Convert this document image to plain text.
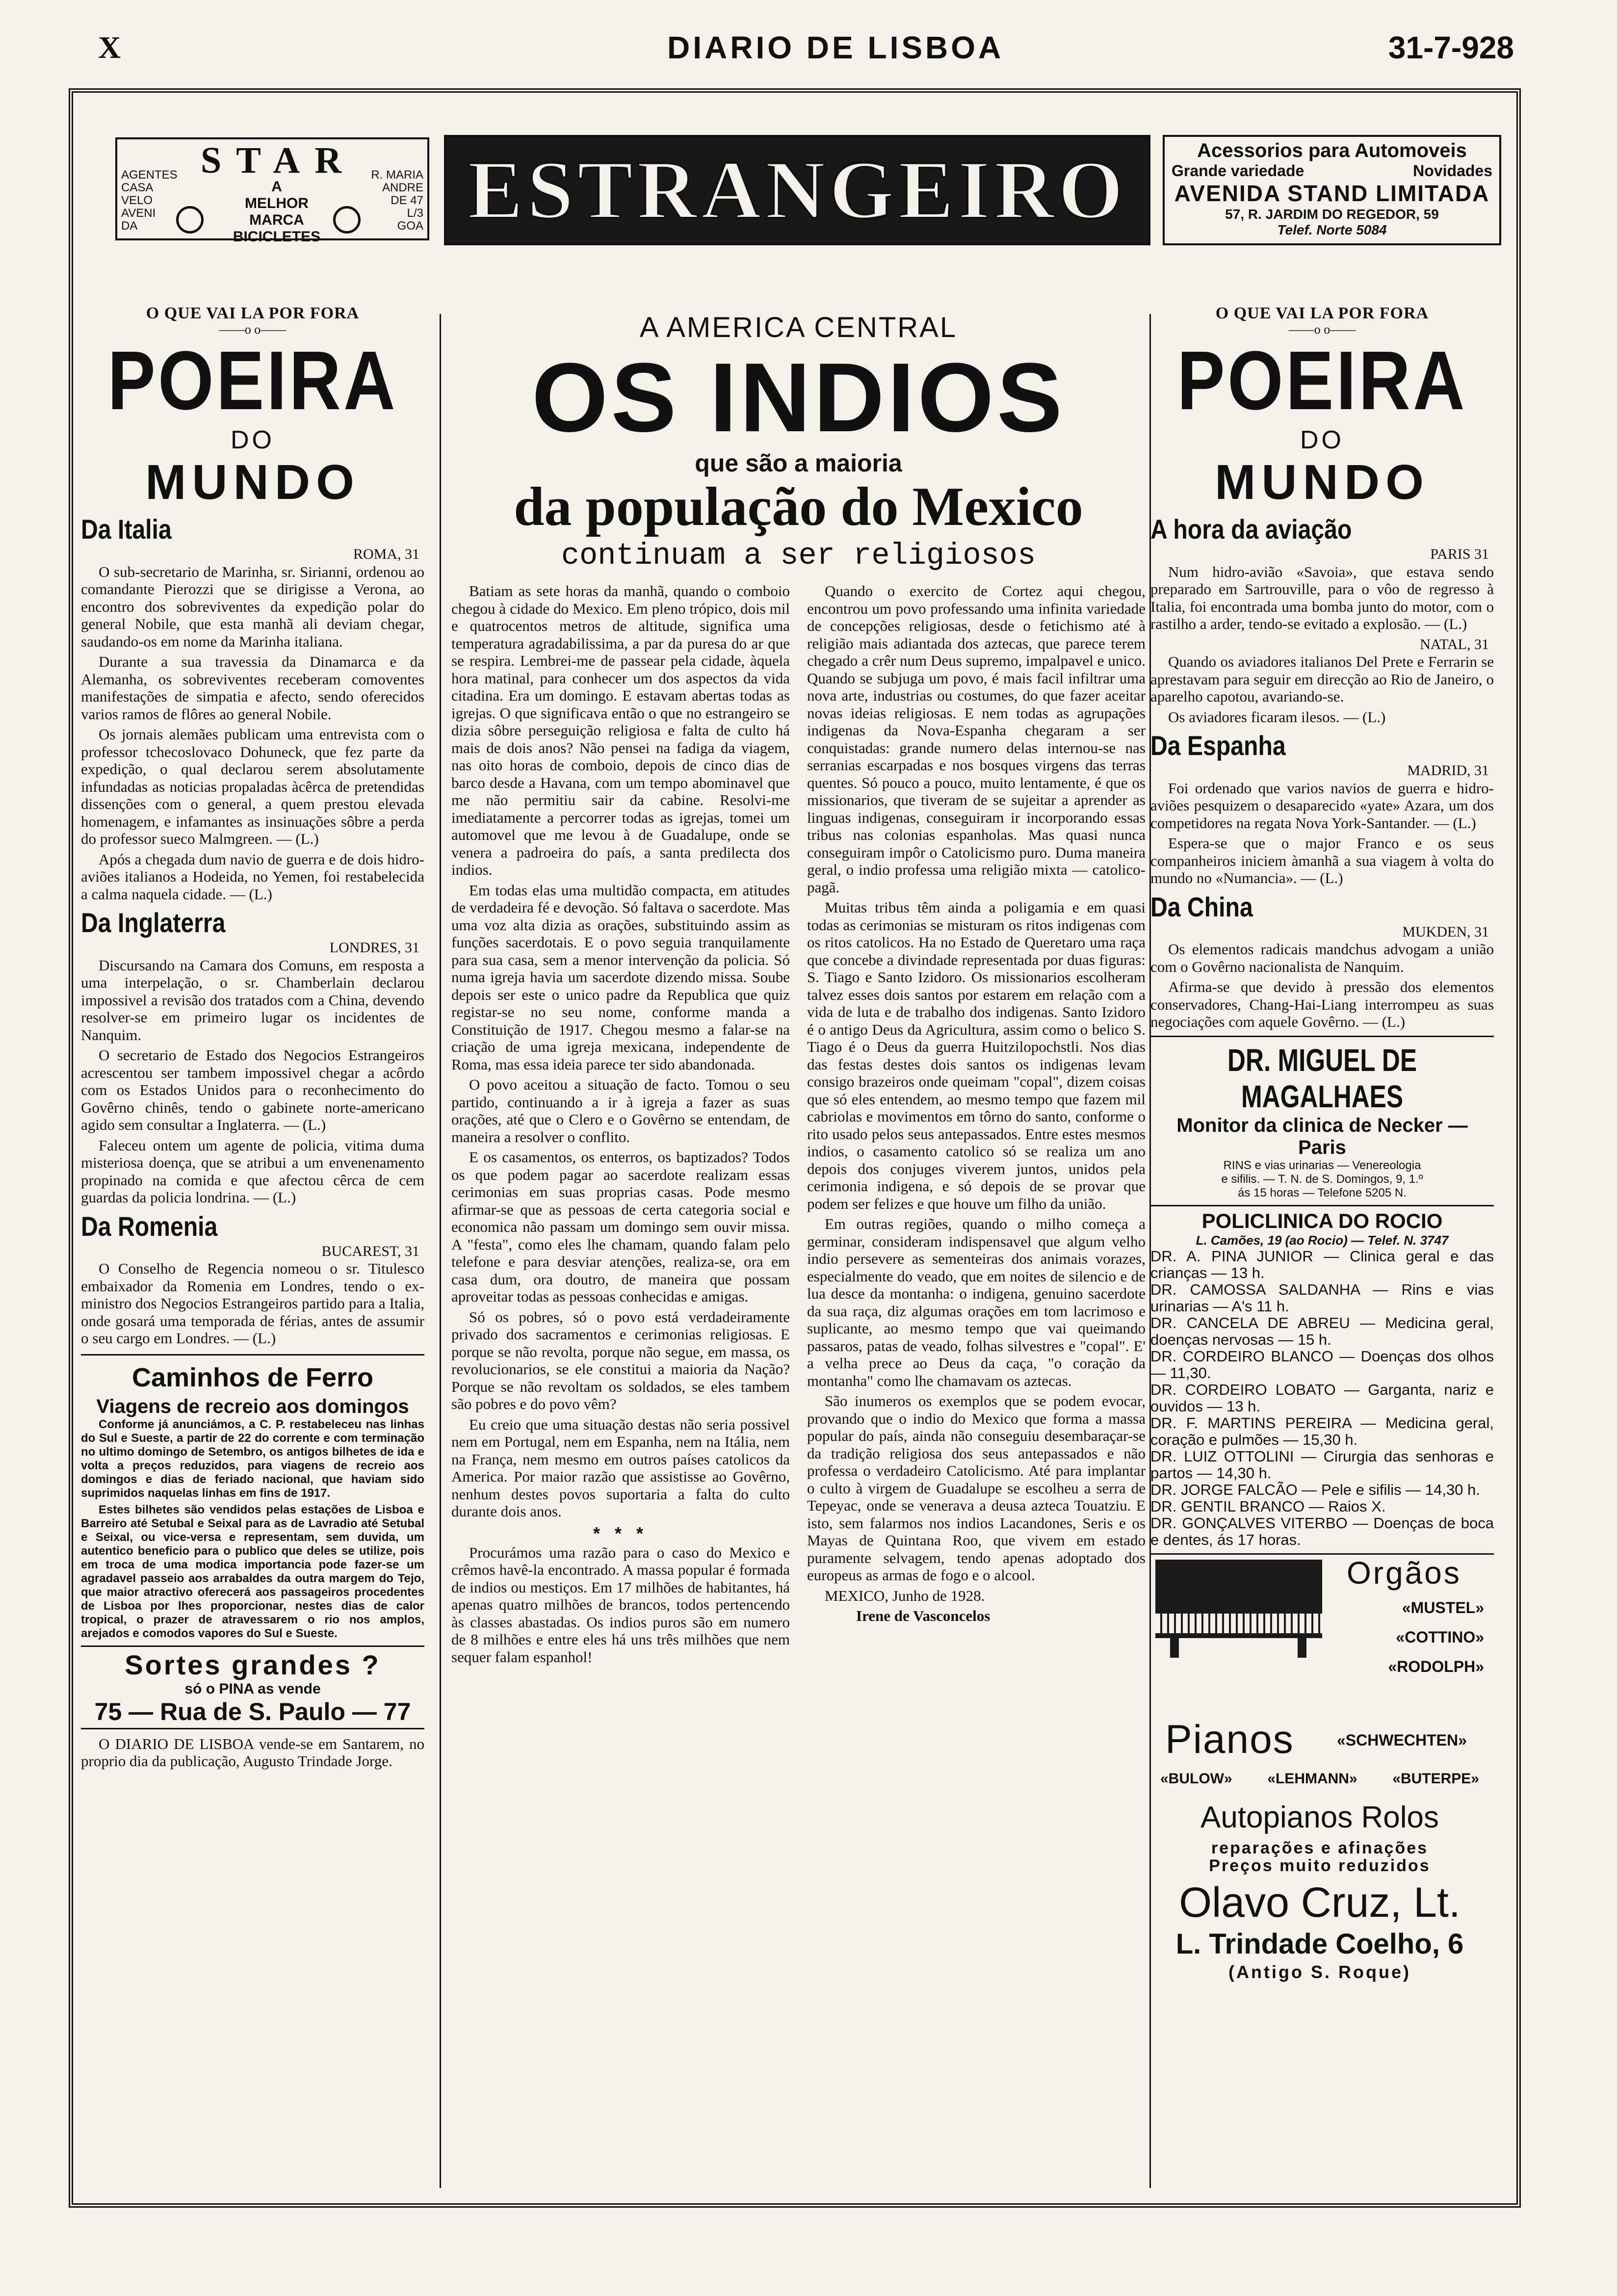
X	DIARIO DE LISBOA	31-7-928
STAR
AGENTES
CASA
VELO
AVENI
DA
A
MELHOR
MARCA
BICICLETES
R. MARIA
ANDRE
DE 47
L/3
GOA ESTRANGEIRO	Acessorios para Automoveis
Grande variedade	Novidades
AVENIDA STAND LIMITADA
57, R. JARDIM DO REGEDOR, 59
Telef. Norte 5084
O QUE VAI LA POR FORA
——o o——
POEIRA
DO
MUNDO
Da Italia
ROMA, 31

O sub-secretario de Marinha, sr. Sirianni, ordenou ao comandante Pierozzi que se dirigisse a Verona, ao encontro dos sobreviventes da expedição polar do general Nobile, que esta manhã ali deviam chegar, saudando-os em nome da Marinha italiana.

Durante a sua travessia da Dinamarca e da Alemanha, os sobreviventes receberam comoventes manifestações de simpatia e afecto, sendo oferecidos varios ramos de flôres ao general Nobile.

Os jornais alemães publicam uma entrevista com o professor tchecoslovaco Dohuneck, que fez parte da expedição, o qual declarou serem absolutamente infundadas as noticias propaladas àcêrca de pretendidas dissenções com o general, a quem prestou elevada homenagem, e infamantes as insinuações sôbre a perda do professor sueco Malmgreen. — (L.)

Após a chegada dum navio de guerra e de dois hidro-aviões italianos a Hodeida, no Yemen, foi restabelecida a calma naquela cidade. — (L.)

Da Inglaterra
LONDRES, 31

Discursando na Camara dos Comuns, em resposta a uma interpelação, o sr. Chamberlain declarou impossivel a revisão dos tratados com a China, devendo resolver-se em primeiro lugar os incidentes de Nanquim.

O secretario de Estado dos Negocios Estrangeiros acrescentou ser tambem impossivel chegar a acôrdo com os Estados Unidos para o reconhecimento do Govêrno chinês, tendo o gabinete norte-americano agido sem consultar a Inglaterra. — (L.)

Faleceu ontem um agente de policia, vitima duma misteriosa doença, que se atribui a um envenenamento propinado na comida e que afectou cêrca de cem guardas da policia londrina. — (L.)

Da Romenia
BUCAREST, 31

O Conselho de Regencia nomeou o sr. Titulesco embaixador da Romenia em Londres, tendo o ex-ministro dos Negocios Estrangeiros partido para a Italia, onde gosará uma temporada de férias, antes de assumir o seu cargo em Londres. — (L.)

Caminhos de Ferro
Viagens de recreio aos domingos

Conforme já anunciámos, a C. P. restabeleceu nas linhas do Sul e Sueste, a partir de 22 do corrente e com terminação no ultimo domingo de Setembro, os antigos bilhetes de ida e volta a preços reduzidos, para viagens de recreio aos domingos e dias de feriado nacional, que haviam sido suprimidos naquelas linhas em fins de 1917.

Estes bilhetes são vendidos pelas estações de Lisboa e Barreiro até Setubal e Seixal para as de Lavradio até Setubal e Seixal, ou vice-versa e representam, sem duvida, um autentico beneficio para o publico que deles se utilize, pois em troca de uma modica importancia pode fazer-se um agradavel passeio aos arrabaldes da outra margem do Tejo, que maior atractivo oferecerá aos passageiros procedentes de Lisboa por lhes proporcionar, nestes dias de calor tropical, o prazer de atravessarem o rio nos amplos, arejados e comodos vapores do Sul e Sueste.

Sortes grandes ?
só o PINA as vende
75 — Rua de S. Paulo — 77

O DIARIO DE LISBOA vende-se em Santarem, no proprio dia da publicação, Augusto Trindade Jorge.

A AMERICA CENTRAL
OS INDIOS
que são a maioria
da população do Mexico
continuam a ser religiosos

Batiam as sete horas da manhã, quando o comboio chegou à cidade do Mexico. Em pleno trópico, dois mil e quatrocentos metros de altitude, significa uma temperatura agradabilissima, a par da puresa do ar que se respira. Lembrei-me de passear pela cidade, àquela hora matinal, para conhecer um dos aspectos da vida citadina. Era um domingo. E estavam abertas todas as igrejas. O que significava então o que no estrangeiro se dizia sôbre perseguição religiosa e falta de culto há mais de dois anos? Não pensei na fadiga da viagem, nas oito horas de comboio, depois de cinco dias de barco desde a Havana, com um tempo abominavel que me não permitiu sair da cabine. Resolvi-me imediatamente a percorrer todas as igrejas, tomei um automovel que me levou à de Guadalupe, onde se venera a padroeira do país, a santa predilecta dos indios.

Em todas elas uma multidão compacta, em atitudes de verdadeira fé e devoção. Só faltava o sacerdote. Mas uma voz alta dizia as orações, substituindo assim as funções sacerdotais. E o povo seguia tranquilamente para sua casa, sem a menor intervenção da policia. Só numa igreja havia um sacerdote dizendo missa. Soube depois ser este o unico padre da Republica que quiz registar-se no seu nome, conforme manda a Constituição de 1917. Chegou mesmo a falar-se na criação de uma igreja mexicana, independente de Roma, mas essa ideia parece ter sido abandonada.

O povo aceitou a situação de facto. Tomou o seu partido, continuando a ir à igreja a fazer as suas orações, até que o Clero e o Govêrno se entendam, de maneira a resolver o conflito.

E os casamentos, os enterros, os baptizados? Todos os que podem pagar ao sacerdote realizam essas cerimonias em suas proprias casas. Pode mesmo afirmar-se que as pessoas de certa categoria social e economica não passam um domingo sem ouvir missa. A "festa", como eles lhe chamam, quando falam pelo telefone e para desviar atenções, realiza-se, ora em casa dum, ora doutro, de maneira que possam aproveitar todas as pessoas conhecidas e amigas.

Só os pobres, só o povo está verdadeiramente privado dos sacramentos e cerimonias religiosas. E porque se não revolta, porque não segue, em massa, os revolucionarios, se ele constitui a maioria da Nação? Porque se não revoltam os soldados, se eles tambem são pobres e do povo vêm?

Eu creio que uma situação destas não seria possivel nem em Portugal, nem em Espanha, nem na Itália, nem na França, nem mesmo em outros países catolicos da America. Por maior razão que assistisse ao Govêrno, nenhum destes povos suportaria a falta do culto durante dois anos.

* * *

Procurámos uma razão para o caso do Mexico e crêmos havê-la encontrado. A massa popular é formada de indios ou mestiços. Em 17 milhões de habitantes, há apenas quatro milhões de brancos, todos pertencendo às classes abastadas. Os indios puros são em numero de 8 milhões e entre eles há uns três milhões que nem sequer falam espanhol!

Quando o exercito de Cortez aqui chegou, encontrou um povo professando uma infinita variedade de concepções religiosas, desde o fetichismo até à religião mais adiantada dos aztecas, que parece terem chegado a crêr num Deus supremo, impalpavel e unico. Quando se subjuga um povo, é mais facil infiltrar uma nova arte, industrias ou costumes, do que fazer aceitar novas ideias religiosas. E nem todas as agrupações indigenas da Nova-Espanha chegaram a ser conquistadas: grande numero delas internou-se nas serranias escarpadas e nos bosques virgens das terras quentes. Só pouco a pouco, muito lentamente, é que os missionarios, que tiveram de se sujeitar a aprender as linguas indigenas, conseguiram ir incorporando essas tribus nas colonias espanholas. Mas quasi nunca conseguiram impôr o Catolicismo puro. Duma maneira geral, o indio professa uma religião mixta — catolico-pagã.

Muitas tribus têm ainda a poligamia e em quasi todas as cerimonias se misturam os ritos indigenas com os ritos catolicos. Ha no Estado de Queretaro uma raça que concebe a divindade representada por duas figuras: S. Tiago e Santo Izidoro. Os missionarios escolheram talvez esses dois santos por estarem em relação com a vida de luta e de trabalho dos indigenas. Santo Izidoro é o antigo Deus da Agricultura, assim como o belico S. Tiago é o Deus da guerra Huitzilopochstli. Nos dias das festas destes dois santos os indigenas levam consigo brazeiros onde queimam "copal", dizem coisas que só eles entendem, ao mesmo tempo que fazem mil cabriolas e movimentos em tôrno do santo, conforme o rito usado pelos seus antepassados. Entre estes mesmos indios, o casamento catolico só se realiza um ano depois dos conjuges viverem juntos, unidos pela cerimonia indigena, e só depois de se provar que podem ser felizes e que houve um filho da união.

Em outras regiões, quando o milho começa a germinar, consideram indispensavel que algum velho indio persevere as sementeiras dos animais vorazes, especialmente do veado, que em noites de silencio e de lua desce da montanha: o indigena, genuino sacerdote da sua raça, diz algumas orações em tom lacrimoso e suplicante, ao mesmo tempo que vai queimando passaros, patas de veado, folhas silvestres e "copal". E' a velha prece ao Deus da caça, "o coração da montanha" como lhe chamavam os aztecas.

São inumeros os exemplos que se podem evocar, provando que o indio do Mexico que forma a massa popular do país, ainda não conseguiu desembaraçar-se da tradição religiosa dos seus antepassados e não professa o verdadeiro Catolicismo. Até para implantar o culto à virgem de Guadalupe se escolheu a serra de Tepeyac, onde se venerava a deusa azteca Touatziu. E isto, sem falarmos nos indios Lacandones, Seris e os Mayas de Quintana Roo, que vivem em estado puramente selvagem, tendo apenas adoptado dos europeus as armas de fogo e o alcool.

MEXICO, Junho de 1928.

Irene de Vasconcelos

O QUE VAI LA POR FORA
——o o——
POEIRA
DO
MUNDO
A hora da aviação
PARIS 31

Num hidro-avião «Savoia», que estava sendo preparado em Sartrouville, para o vôo de regresso à Italia, foi encontrada uma bomba junto do motor, com o rastilho a arder, tendo-se evitado a explosão. — (L.)

NATAL, 31

Quando os aviadores italianos Del Prete e Ferrarin se aprestavam para seguir em direcção ao Rio de Janeiro, o aparelho capotou, avariando-se.

Os aviadores ficaram ilesos. — (L.)

Da Espanha
MADRID, 31

Foi ordenado que varios navios de guerra e hidro-aviões pesquizem o desaparecido «yate» Azara, um dos competidores na regata Nova York-Santander. — (L.)

Espera-se que o major Franco e os seus companheiros iniciem àmanhã a sua viagem à volta do mundo no «Numancia». — (L.)

Da China
MUKDEN, 31

Os elementos radicais mandchus advogam a união com o Govêrno nacionalista de Nanquim.

Afirma-se que devido à pressão dos elementos conservadores, Chang-Hai-Liang interrompeu as suas negociações com aquele Govêrno. — (L.)

DR. MIGUEL DE MAGALHAES
Monitor da clinica de Necker — Paris
RINS e vias urinarias — Venereologia
e sifilis. — T. N. de S. Domingos, 9, 1.º
ás 15 horas — Telefone 5205 N.
POLICLINICA DO ROCIO
L. Camões, 19 (ao Rocio) — Telef. N. 3747
DR. A. PINA JUNIOR — Clinica geral e das crianças — 13 h.
DR. CAMOSSA SALDANHA — Rins e vias urinarias — A's 11 h.
DR. CANCELA DE ABREU — Medicina geral, doenças nervosas — 15 h.
DR. CORDEIRO BLANCO — Doenças dos olhos — 11,30.
DR. CORDEIRO LOBATO — Garganta, nariz e ouvidos — 13 h.
DR. F. MARTINS PEREIRA — Medicina geral, coração e pulmões — 15,30 h.
DR. LUIZ OTTOLINI — Cirurgia das senhoras e partos — 14,30 h.
DR. JORGE FALCÃO — Pele e sifilis — 14,30 h.
DR. GENTIL BRANCO — Raios X.
DR. GONÇALVES VITERBO — Doenças de boca e dentes, ás 17 horas.
Orgãos
«MUSTEL»
«COTTINO»
«RODOLPH»
Pianos	«SCHWECHTEN»
«BULOW» «LEHMANN» «BUTERPE»
Autopianos Rolos
reparações e afinações
Preços muito reduzidos
Olavo Cruz, Lt.
L. Trindade Coelho, 6
(Antigo S. Roque)
